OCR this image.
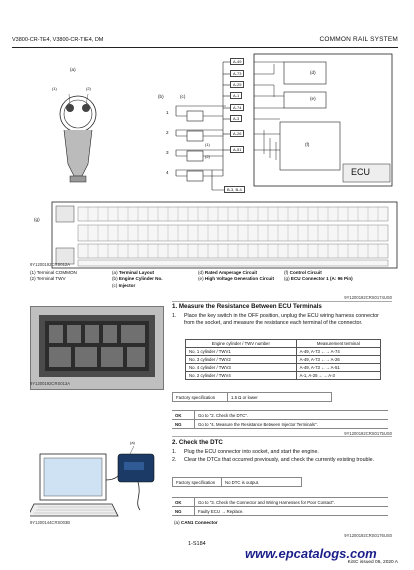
V3800-CR-TE4, V3800-CR-TIE4, DM	COMMON RAIL SYSTEM
(a)
(1)	(2)
(b)	(c)
1
2
3
4
(1)
(2)
A-49
A-73
A-25
A-1
A-74
A-3
A-26
A-51
B-3, B-4
(d)
(e)
(f)
ECU
(g)
9Y1200192CRS012A
(1) Terminal COMMON
(2) Terminal TWV
(a) Terminal Layout
(b) Engine Cylinder No.
(c) Injector
(d) Rated Amperage Circuit
(e) High Voltage Generation Circuit
(f) Control Circuit
(g) ECU Connector 1 (A: 96 Pin)
9Y1200192CRS0174US0
9Y1200192CRS013A
1. Measure the Resistance Between ECU Terminals
1.	Place the key switch in the OFF position, unplug the ECU wiring harness connector from the socket, and measure the resistance each terminal of the connector.
Engine cylinder / TWV number	Measurement terminal
No. 1 cylinder / TWV1	A-49, A-73 ←→ A-74
No. 3 cylinder / TWV2	A-49, A-73 ←→ A-26
No. 4 cylinder / TWV3	A-49, A-73 ←→ A-51
No. 2 cylinder / TWV4	A-1, A-25 ←→ A-3
Factory specification	1.5 Ω or lower
OK	Go to "2. Check the DTC".
NG	Go to "4. Measure the Resistance Between Injector Terminals".
9Y1200192CRS0175US0
(a)
9Y1200144CRS003B
2. Check the DTC
1.	Plug the ECU connector into socket, and start the engine.
2.	Clear the DTCs that occurred previously, and check the currently existing trouble.
Factory specification	No DTC is output.
OK	Go to "3. Check the Connector and Wiring Harnesses for Poor Contact".
NG	Faulty ECU → Replace.
(a) CAN1 Connector
9Y1200192CRS0176US0
1-S184
www.epcatalogs.com
KiSC issued 06, 2020 A
